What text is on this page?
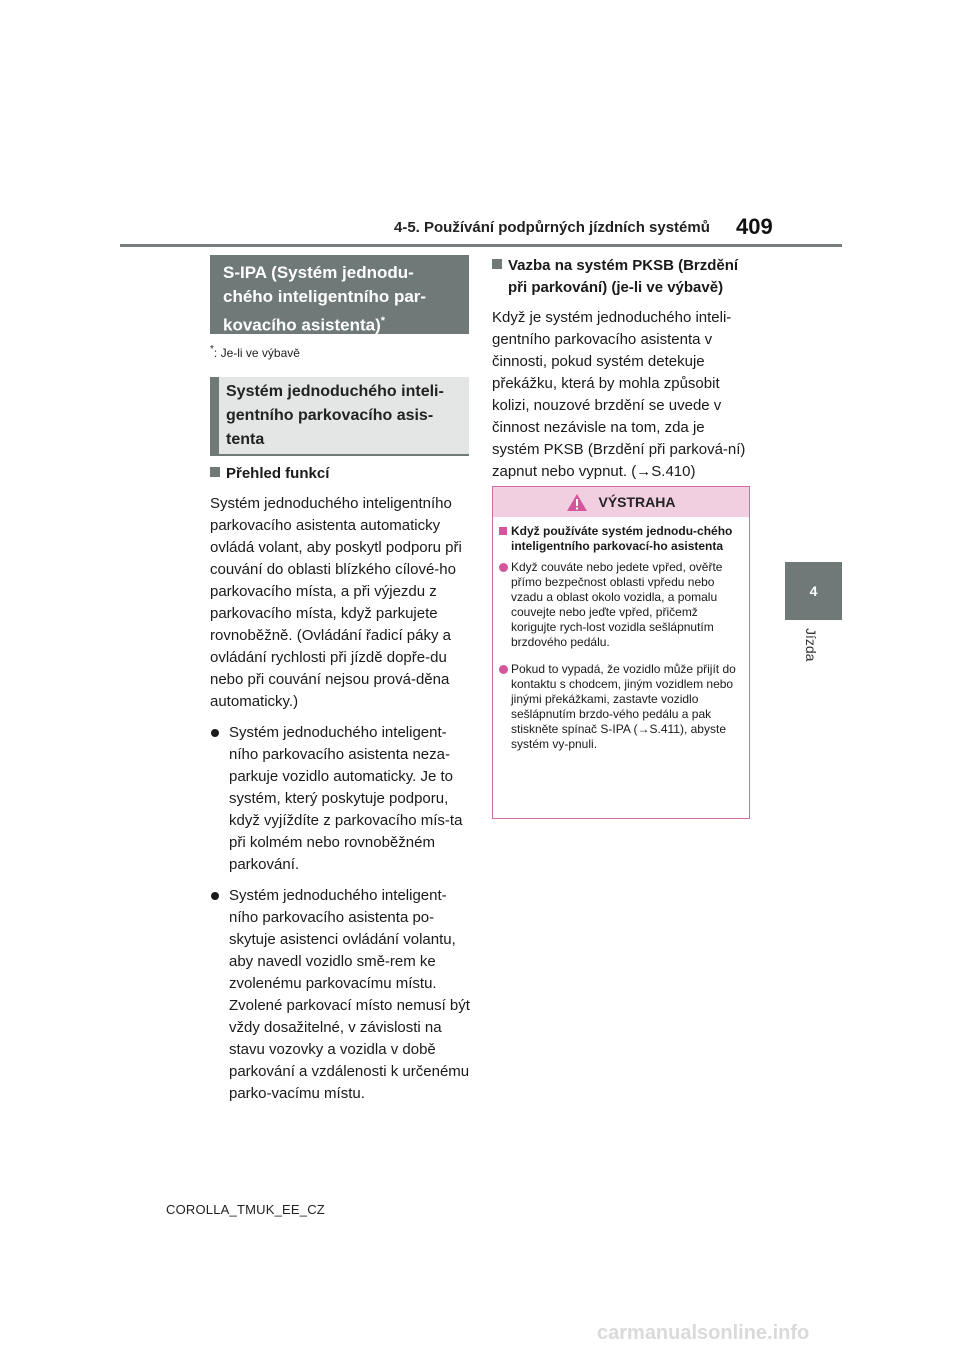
4-5. Používání podpůrných jízdních systémů 409
4
Jízda
S-IPA (Systém jednodu-chého inteligentního par-kovacího asistenta)*
*: Je-li ve výbavě
Systém jednoduchého inteli-gentního parkovacího asis-tenta
Přehled funkcí

Systém jednoduchého inteligentního parkovacího asistenta automaticky ovládá volant, aby poskytl podporu při couvání do oblasti blízkého cílové-ho parkovacího místa, a při výjezdu z parkovacího místa, když parkujete rovnoběžně. (Ovládání řadicí páky a ovládání rychlosti při jízdě dopře-du nebo při couvání nejsou prová-děna automaticky.)

Systém jednoduchého inteligent-ního parkovacího asistenta neza-parkuje vozidlo automaticky. Je to systém, který poskytuje podporu, když vyjíždíte z parkovacího mís-ta při kolmém nebo rovnoběžném parkování.
Systém jednoduchého inteligent-ního parkovacího asistenta po-skytuje asistenci ovládání volantu, aby navedl vozidlo smě-rem ke zvolenému parkovacímu místu. Zvolené parkovací místo nemusí být vždy dosažitelné, v závislosti na stavu vozovky a vozidla v době parkování a vzdálenosti k určenému parko-vacímu místu.
Vazba na systém PKSB (Brzdění při parkování) (je-li ve výbavě)

Když je systém jednoduchého inteli-gentního parkovacího asistenta v činnosti, pokud systém detekuje překážku, která by mohla způsobit kolizi, nouzové brzdění se uvede v činnost nezávisle na tom, zda je systém PKSB (Brzdění při parková-ní) zapnut nebo vypnut. (→S.410)

VÝSTRAHA
Když používáte systém jednodu-chého inteligentního parkovací-ho asistenta
Když couváte nebo jedete vpřed, ověřte přímo bezpečnost oblasti vpředu nebo vzadu a oblast okolo vozidla, a pomalu couvejte nebo jeďte vpřed, přičemž korigujte rych-lost vozidla sešlápnutím brzdového pedálu.
Pokud to vypadá, že vozidlo může přijít do kontaktu s chodcem, jiným vozidlem nebo jinými překážkami, zastavte vozidlo sešlápnutím brzdo-vého pedálu a pak stiskněte spínač S-IPA (→S.411), abyste systém vy-pnuli.
COROLLA_TMUK_EE_CZ
carmanualsonline.info
